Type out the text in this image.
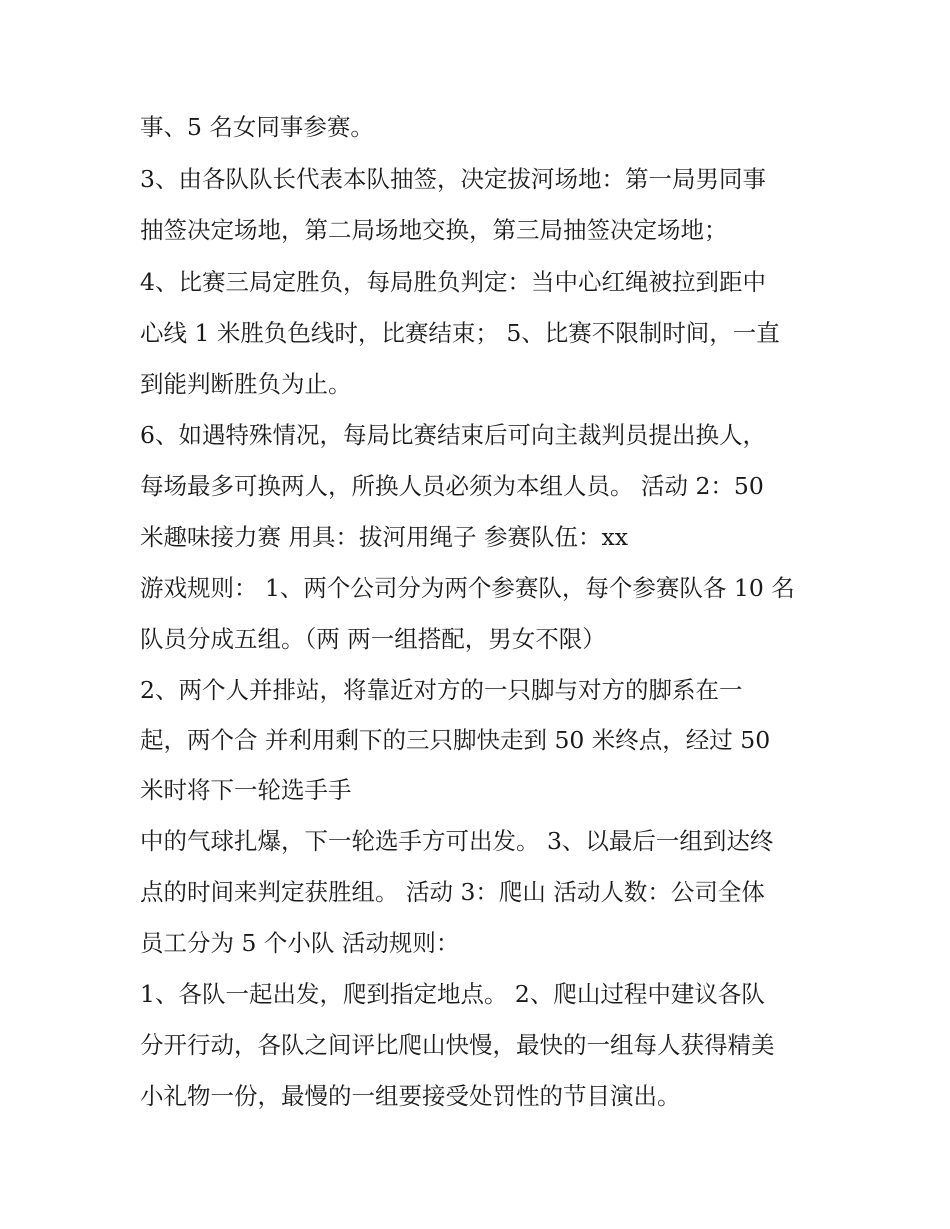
事、5 名女同事参赛。
3、由各队队长代表本队抽签，决定拔河场地：第一局男同事
抽签决定场地，第二局场地交换，第三局抽签决定场地；
4、比赛三局定胜负，每局胜负判定：当中心红绳被拉到距中
心线 1 米胜负色线时，比赛结束； 5、比赛不限制时间，一直
到能判断胜负为止。
6、如遇特殊情况，每局比赛结束后可向主裁判员提出换人，
每场最多可换两人，所换人员必须为本组人员。 活动 2：50
米趣味接力赛 用具：拔河用绳子 参赛队伍：xx
游戏规则： 1、两个公司分为两个参赛队，每个参赛队各 10 名
队员分成五组。（两 两一组搭配，男女不限）
2、两个人并排站，将靠近对方的一只脚与对方的脚系在一
起，两个合 并利用剩下的三只脚快走到 50 米终点，经过 50
米时将下一轮选手手
中的气球扎爆，下一轮选手方可出发。 3、以最后一组到达终
点的时间来判定获胜组。 活动 3：爬山 活动人数：公司全体
员工分为 5 个小队 活动规则：
1、各队一起出发，爬到指定地点。 2、爬山过程中建议各队
分开行动，各队之间评比爬山快慢，最快的一组每人获得精美
小礼物一份，最慢的一组要接受处罚性的节目演出。
